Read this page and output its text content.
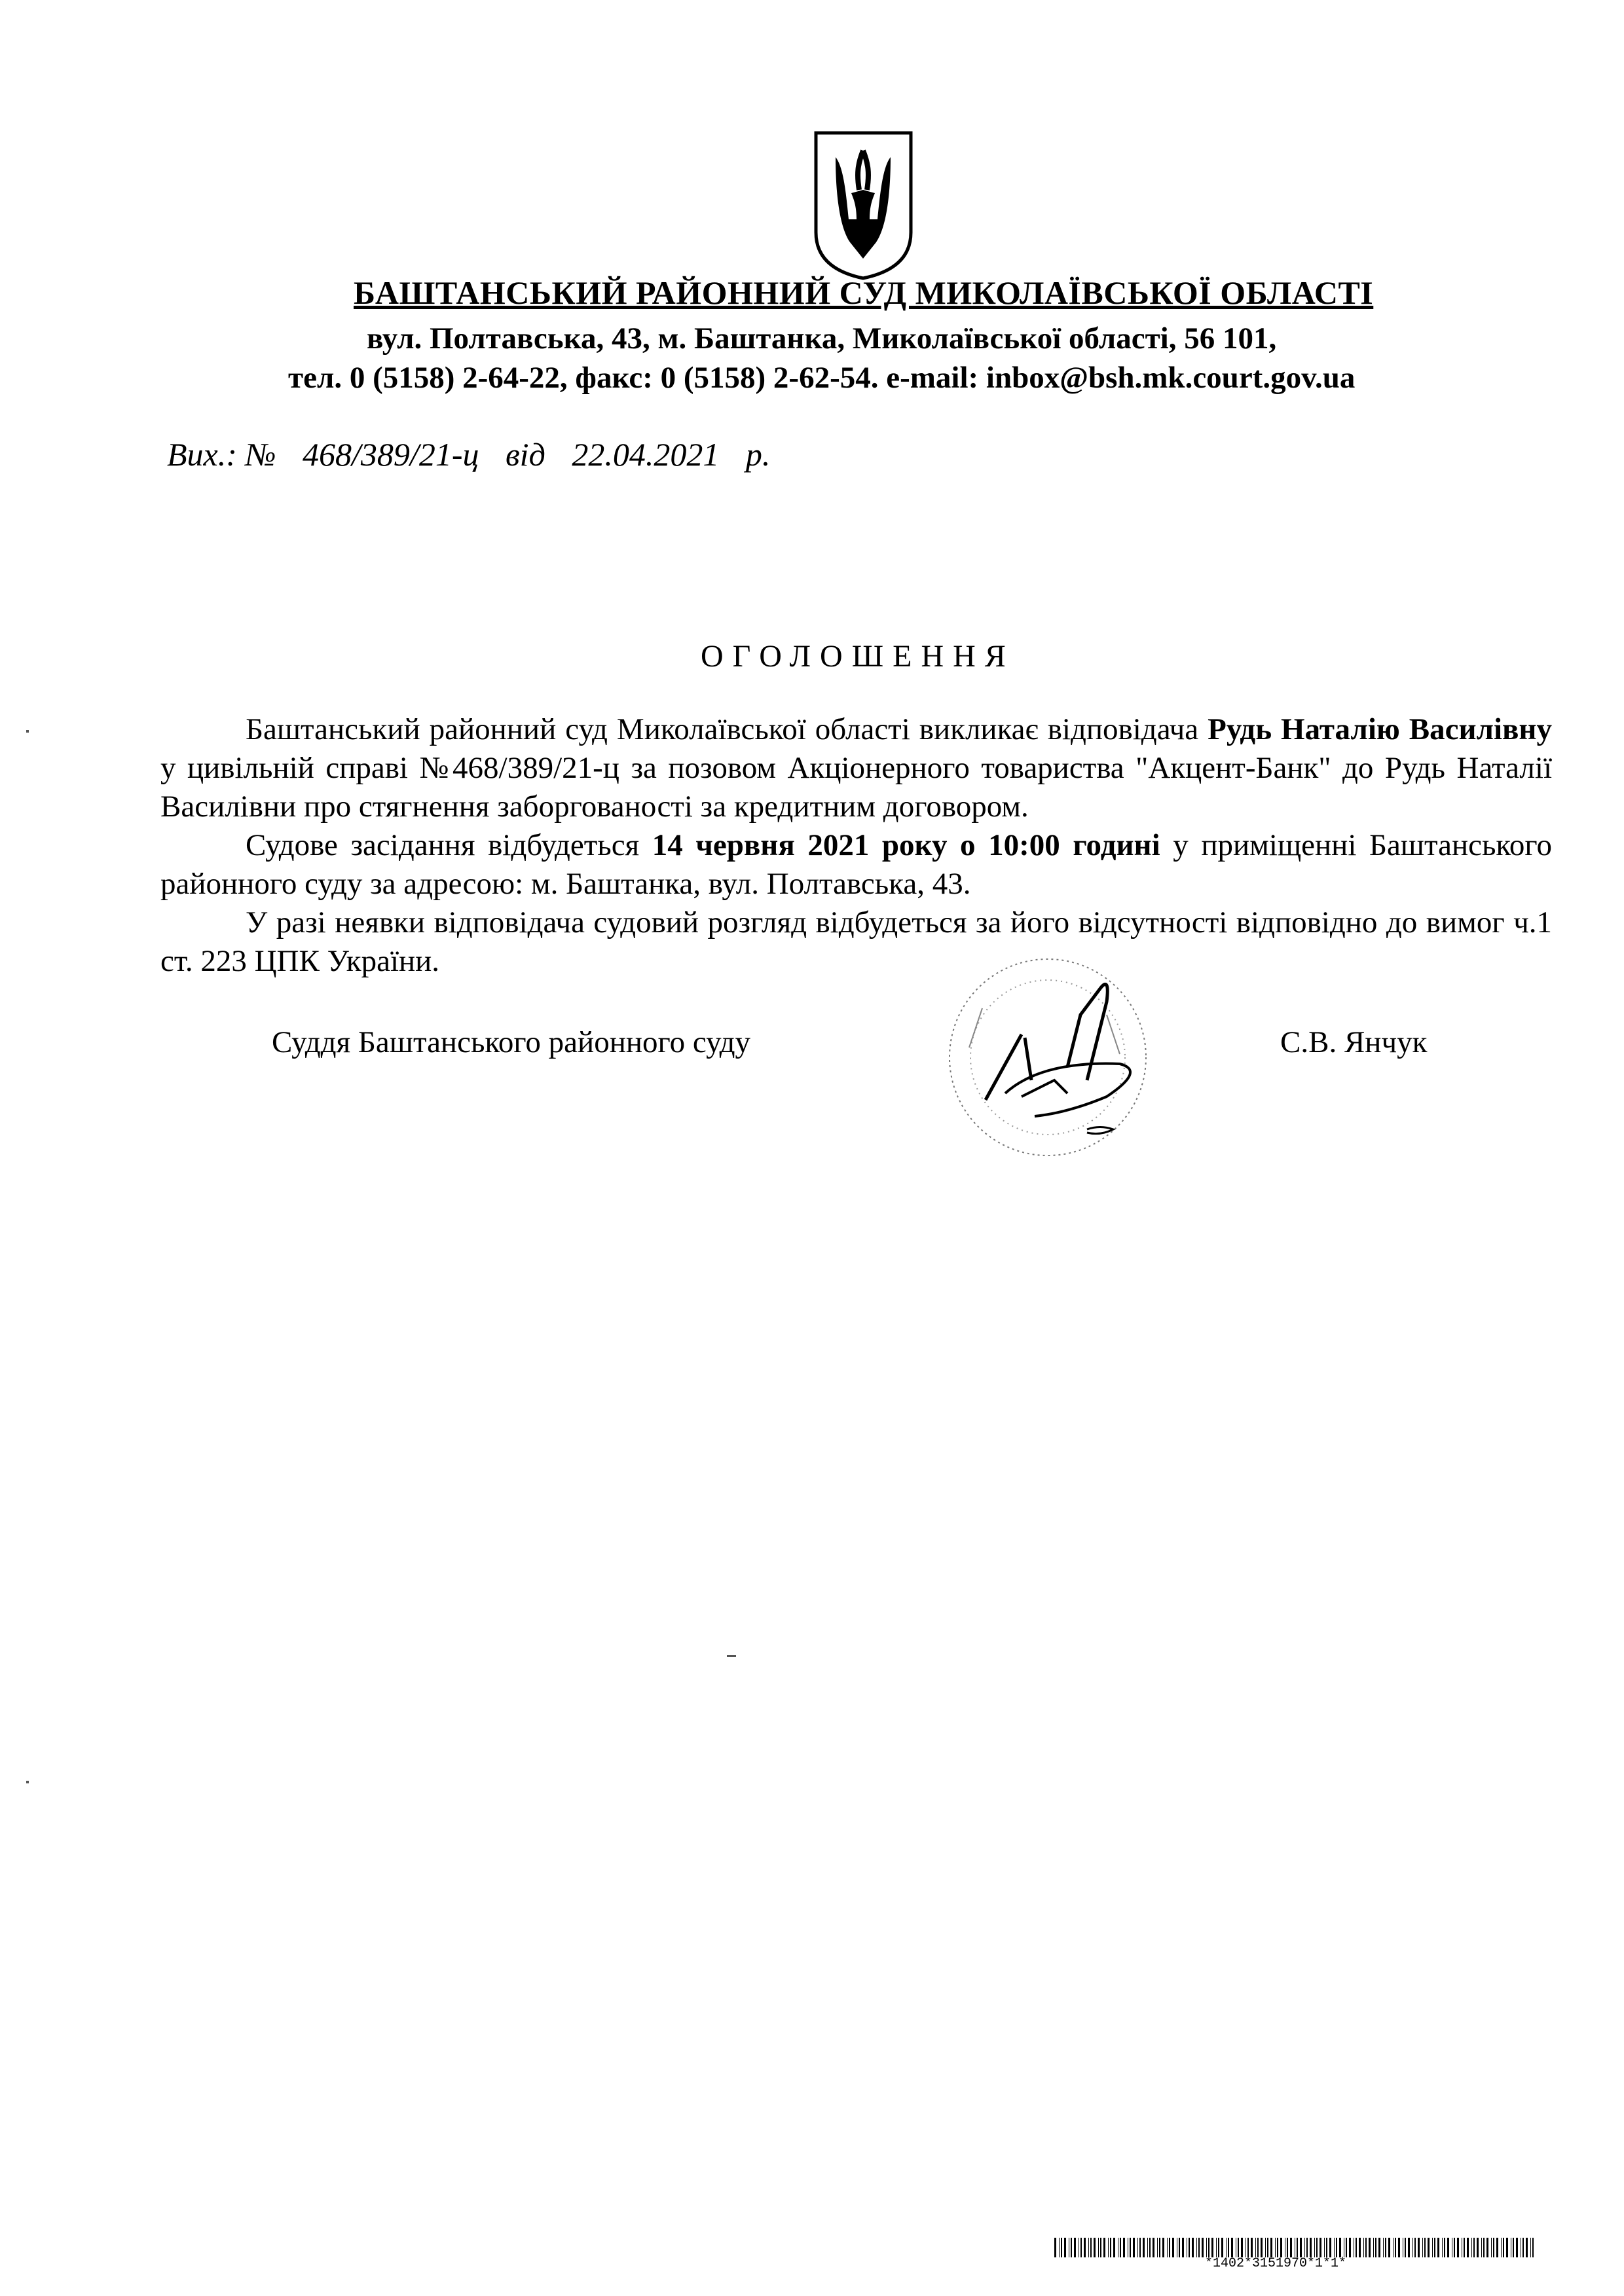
БАШТАНСЬКИЙ РАЙОННИЙ СУД МИКОЛАЇВСЬКОЇ ОБЛАСТІ
вул. Полтавська, 43, м. Баштанка, Миколаївської області, 56 101,
тел. 0 (5158) 2-64-22, факс: 0 (5158) 2-62-54. e-mail: inbox@bsh.mk.court.gov.ua
Вих.: № 468/389/21-ц від 22.04.2021 р.
ОГОЛОШЕННЯ

Баштанський районний суд Миколаївської області викликає відповідача Рудь Наталію Василівну у цивільній справі №468/389/21-ц за позовом Акціонерного товариства "Акцент-Банк" до Рудь Наталії Василівни про стягнення заборгованості за кредитним договором.

Судове засідання відбудеться 14 червня 2021 року о 10:00 годині у приміщенні Баштанського районного суду за адресою: м. Баштанка, вул. Полтавська, 43.

У разі неявки відповідача судовий розгляд відбудеться за його відсутності відповідно до вимог ч.1 ст. 223 ЦПК України.

Суддя Баштанського районного суду	С.В. Янчук
*1402*3151970*1*1*
